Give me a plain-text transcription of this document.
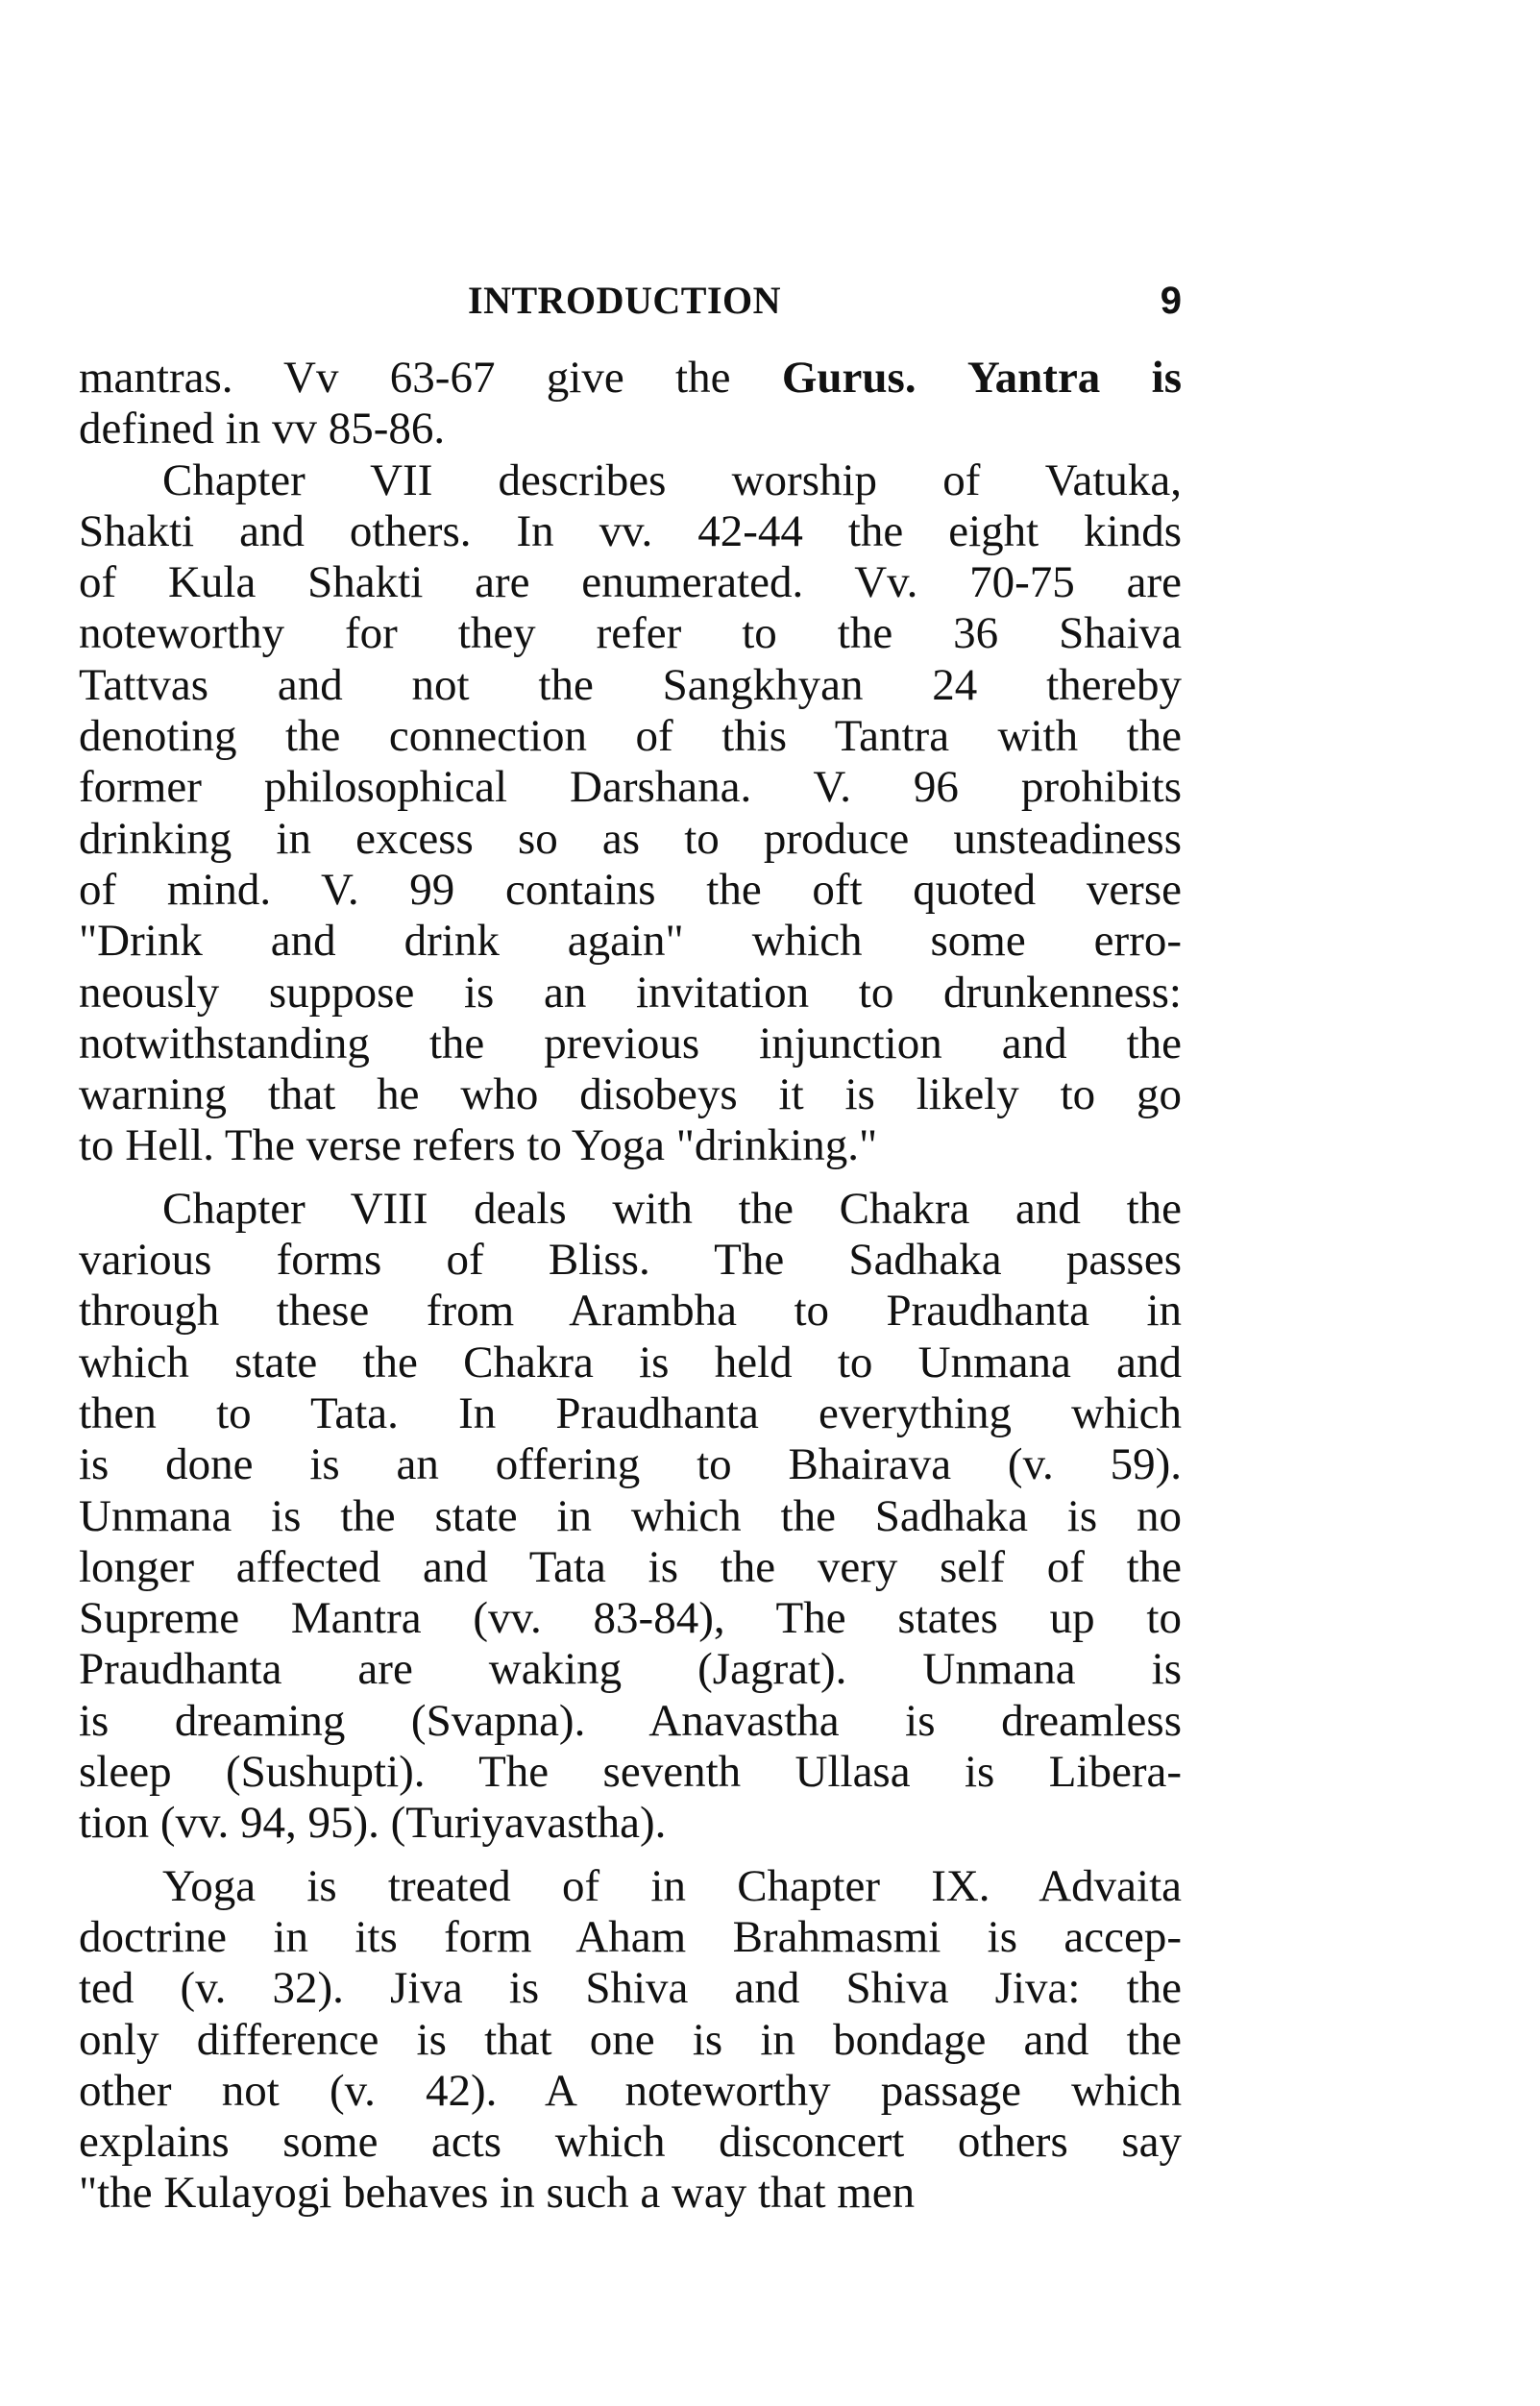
INTRODUCTION	9
mantras. Vv 63-67 give the Gurus. Yantra is
defined in vv 85-86.
Chapter VII describes worship of Vatuka,
Shakti and others. In vv. 42-44 the eight kinds
of Kula Shakti are enumerated. Vv. 70-75 are
noteworthy for they refer to the 36 Shaiva
Tattvas and not the Sangkhyan 24 thereby
denoting the connection of this Tantra with the
former philosophical Darshana. V. 96 prohibits
drinking in excess so as to produce unsteadiness
of mind. V. 99 contains the oft quoted verse
"Drink and drink again" which some erro-
neously suppose is an invitation to drunkenness:
notwithstanding the previous injunction and the
warning that he who disobeys it is likely to go
to Hell. The verse refers to Yoga "drinking."
Chapter VIII deals with the Chakra and the
various forms of Bliss. The Sadhaka passes
through these from Arambha to Praudhanta in
which state the Chakra is held to Unmana and
then to Tata. In Praudhanta everything which
is done is an offering to Bhairava (v. 59).
Unmana is the state in which the Sadhaka is no
longer affected and Tata is the very self of the
Supreme Mantra (vv. 83-84), The states up to
Praudhanta are waking (Jagrat). Unmana is
is dreaming (Svapna). Anavastha is dreamless
sleep (Sushupti). The seventh Ullasa is Libera-
tion (vv. 94, 95). (Turiyavastha).
Yoga is treated of in Chapter IX. Advaita
doctrine in its form Aham Brahmasmi is accep-
ted (v. 32). Jiva is Shiva and Shiva Jiva: the
only difference is that one is in bondage and the
other not (v. 42). A noteworthy passage which
explains some acts which disconcert others say
"the Kulayogi behaves in such a way that men
